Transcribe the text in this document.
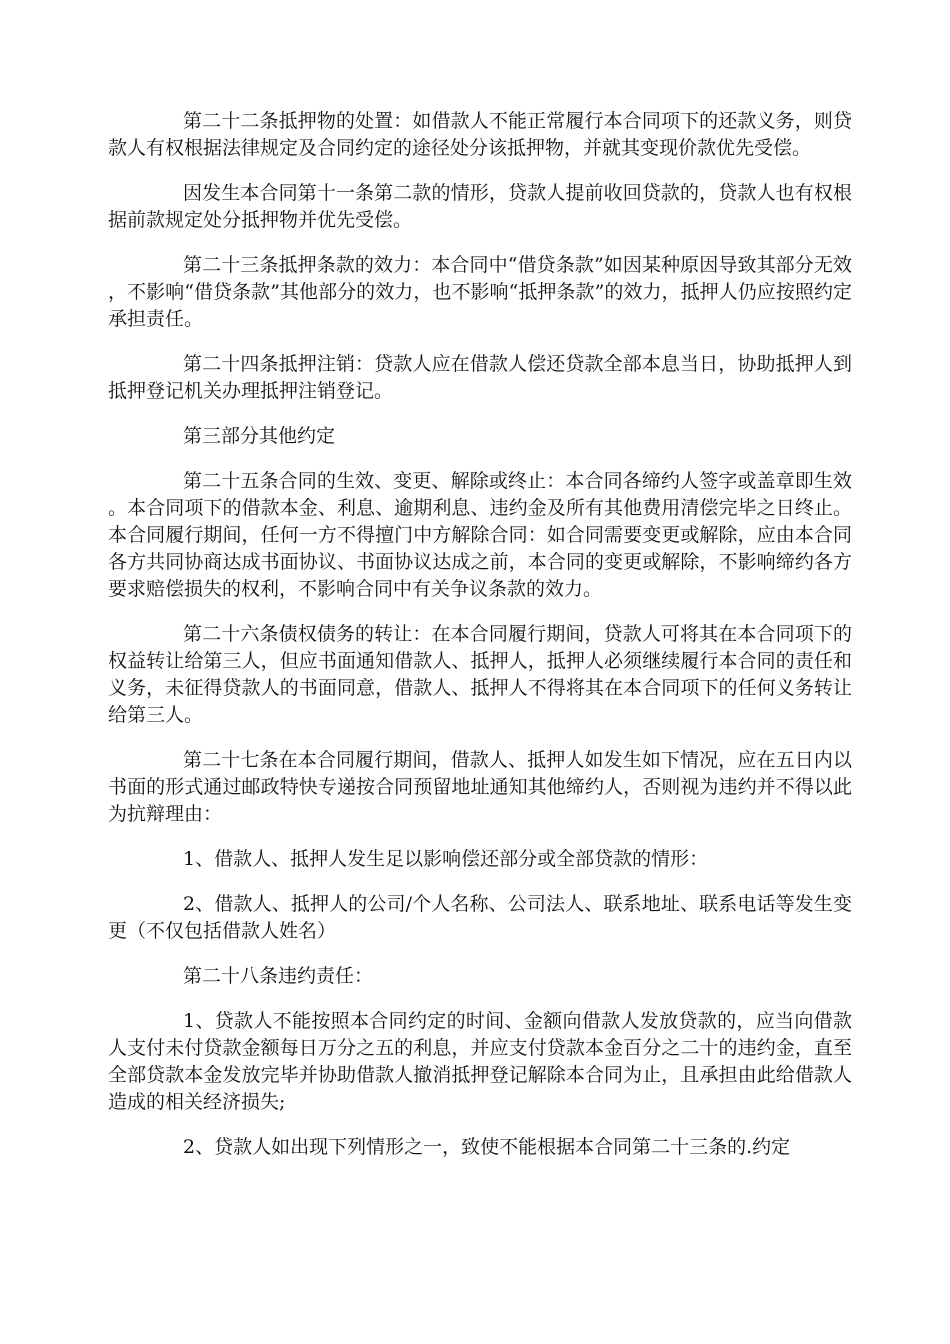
第二十二条抵押物的处置：如借款人不能正常履行本合同项下的还款义务，则贷款人有权根据法律规定及合同约定的途径处分该抵押物，并就其变现价款优先受偿。

因发生本合同第十一条第二款的情形，贷款人提前收回贷款的，贷款人也有权根据前款规定处分抵押物并优先受偿。

第二十三条抵押条款的效力：本合同中“借贷条款”如因某种原因导致其部分无效，不影响“借贷条款”其他部分的效力，也不影响“抵押条款”的效力，抵押人仍应按照约定承担责任。

第二十四条抵押注销：贷款人应在借款人偿还贷款全部本息当日，协助抵押人到抵押登记机关办理抵押注销登记。

第三部分其他约定

第二十五条合同的生效、变更、解除或终止：本合同各缔约人签字或盖章即生效。本合同项下的借款本金、利息、逾期利息、违约金及所有其他费用清偿完毕之日终止。本合同履行期间，任何一方不得擅门中方解除合同：如合同需要变更或解除，应由本合同各方共同协商达成书面协议、书面协议达成之前，本合同的变更或解除，不影响缔约各方要求赔偿损失的权利，不影响合同中有关争议条款的效力。

第二十六条债权债务的转让：在本合同履行期间，贷款人可将其在本合同项下的权益转让给第三人，但应书面通知借款人、抵押人，抵押人必须继续履行本合同的责任和义务，未征得贷款人的书面同意，借款人、抵押人不得将其在本合同项下的任何义务转让给第三人。

第二十七条在本合同履行期间，借款人、抵押人如发生如下情况，应在五日内以书面的形式通过邮政特快专递按合同预留地址通知其他缔约人，否则视为违约并不得以此为抗辩理由：

1、借款人、抵押人发生足以影响偿还部分或全部贷款的情形：

2、借款人、抵押人的公司/个人名称、公司法人、联系地址、联系电话等发生变更（不仅包括借款人姓名）

第二十八条违约责任：

1、贷款人不能按照本合同约定的时间、金额向借款人发放贷款的，应当向借款人支付未付贷款金额每日万分之五的利息，并应支付贷款本金百分之二十的违约金，直至全部贷款本金发放完毕并协助借款人撤消抵押登记解除本合同为止，且承担由此给借款人造成的相关经济损失;

2、贷款人如出现下列情形之一，致使不能根据本合同第二十三条的.约定
